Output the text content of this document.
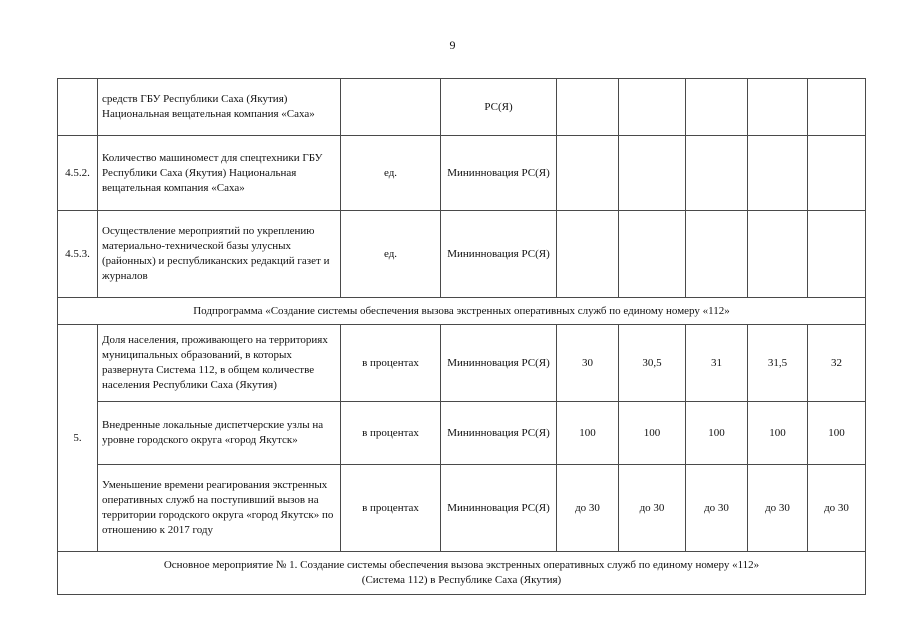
9
	средств ГБУ Республики Саха (Якутия) Национальная вещательная компания «Саха»		РС(Я)					
4.5.2.	Количество машиномест для спецтехники ГБУ Республики Саха (Якутия) Национальная вещательная компания «Саха»	ед.	Мининновация РС(Я)					
4.5.3.	Осуществление мероприятий по укреплению материально-технической базы улусных (районных) и республиканских редакций газет и журналов	ед.	Мининновация РС(Я)					
Подпрограмма «Создание системы обеспечения вызова экстренных оперативных служб по единому номеру «112»								
5.	Доля населения, проживающего на территориях муниципальных образований, в которых развернута Система 112, в общем количестве населения Республики Саха (Якутия)	в процентах	Мининновация РС(Я)	30	30,5	31	31,5	32
	Внедренные локальные диспетчерские узлы на уровне городского округа «город Якутск»	в процентах	Мининновация РС(Я)	100	100	100	100	100
	Уменьшение времени реагирования экстренных оперативных служб на поступивший вызов на территории городского округа «город Якутск» по отношению к 2017 году	в процентах	Мининновация РС(Я)	до 30	до 30	до 30	до 30	до 30

Основное мероприятие № 1. Создание системы обеспечения вызова экстренных оперативных служб по единому номеру «112»
(Система 112) в Республике Саха (Якутия)								
